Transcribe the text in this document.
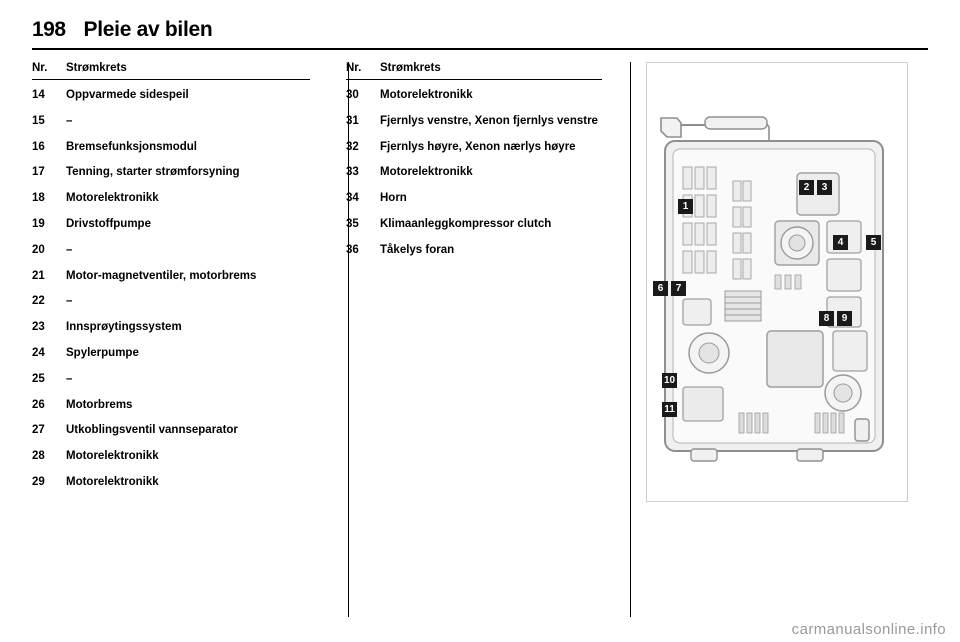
198 Pleie av bilen
Nr.	Strømkrets
14	Oppvarmede sidespeil
15	–
16	Bremsefunksjonsmodul
17	Tenning, starter strømforsyning
18	Motorelektronikk
19	Drivstoffpumpe
20	–
21	Motor-magnetventiler, motorbrems
22	–
23	Innsprøytingssystem
24	Spylerpumpe
25	–
26	Motorbrems
27	Utkoblingsventil vannseparator
28	Motorelektronikk
29	Motorelektronikk
Nr.	Strømkrets
30	Motorelektronikk
31	Fjernlys venstre, Xenon fjernlys venstre
32	Fjernlys høyre, Xenon nærlys høyre
33	Motorelektronikk
34	Horn
35	Klimaanleggkompressor clutch
36	Tåkelys foran
1
2	3
4	5
6	7
8	9
10
11
carmanualsonline.info
